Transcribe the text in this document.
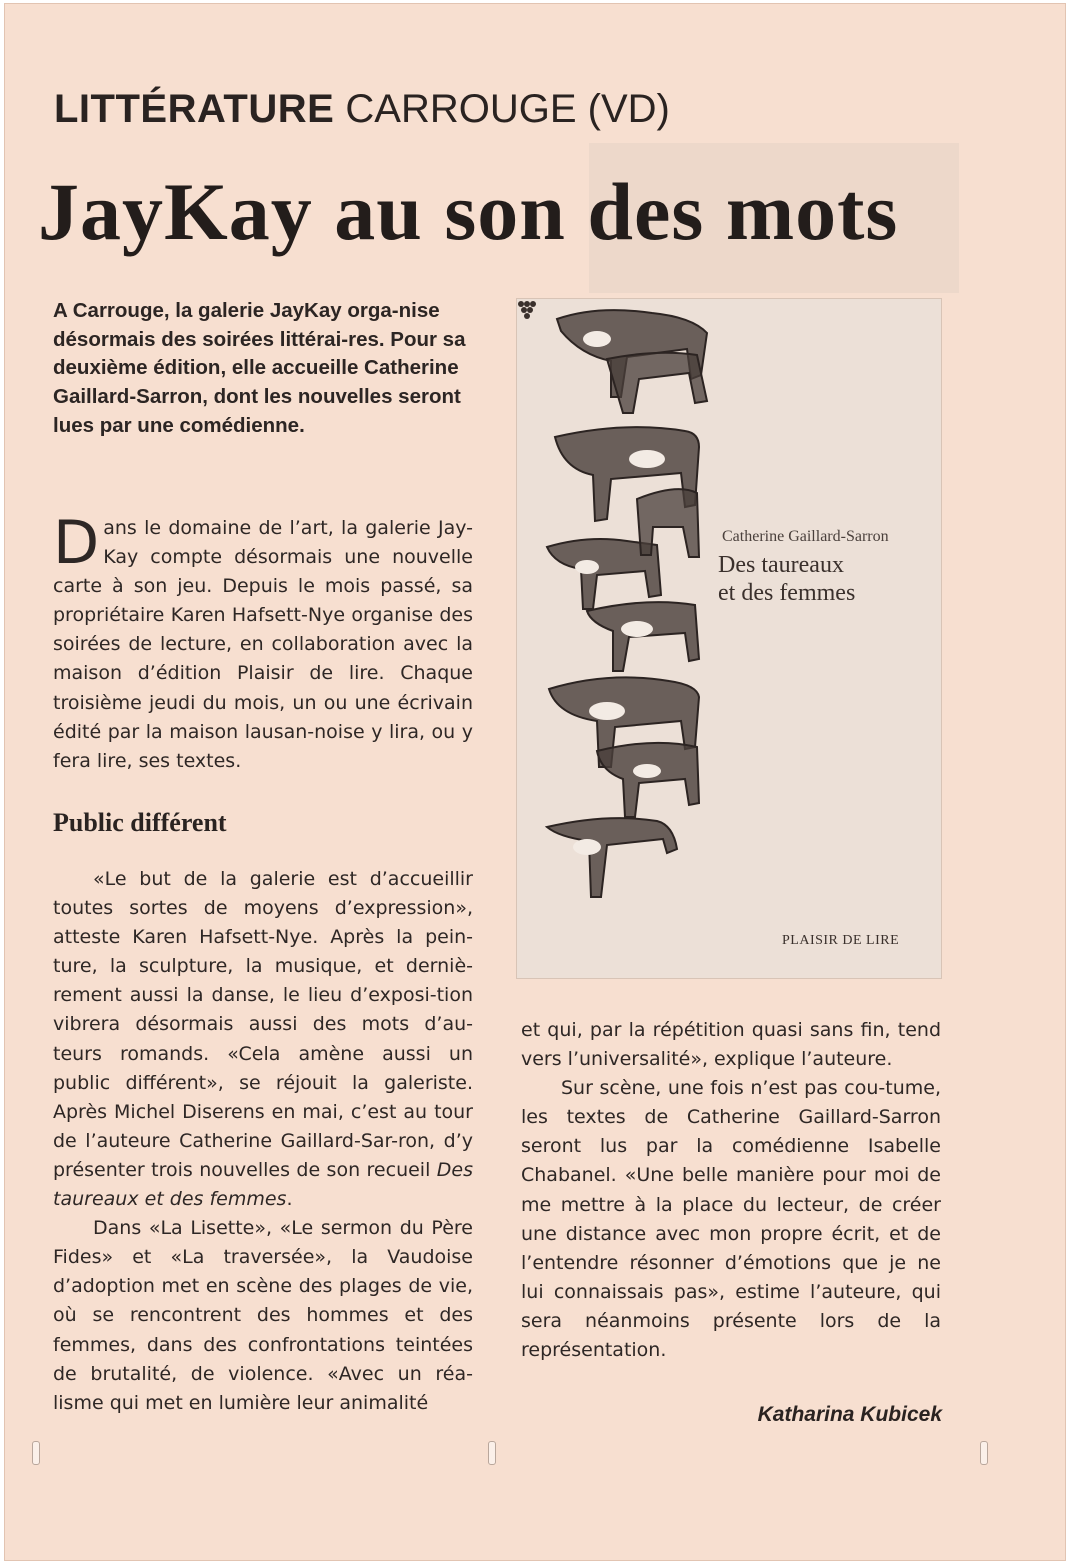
LITTÉRATURE CARROUGE (VD)
JayKay au son des mots

A Carrouge, la galerie JayKay orga-nise désormais des soirées littérai-res. Pour sa deuxième édition, elle accueille Catherine Gaillard-Sarron, dont les nouvelles seront lues par une comédienne.

Dans le domaine de l’art, la galerie Jay-Kay compte désormais une nouvelle carte à son jeu. Depuis le mois passé, sa propriétaire Karen Hafsett-Nye organise des soirées de lecture, en collaboration avec la maison d’édition Plaisir de lire. Chaque troisième jeudi du mois, un ou une écrivain édité par la maison lausan-noise y lira, ou y fera lire, ses textes.
Public différent

«Le but de la galerie est d’accueillir toutes sortes de moyens d’expression», atteste Karen Hafsett-Nye. Après la pein-ture, la sculpture, la musique, et derniè-rement aussi la danse, le lieu d’exposi-tion vibrera désormais aussi des mots d’au-teurs romands. «Cela amène aussi un public différent», se réjouit la galeriste. Après Michel Diserens en mai, c’est au tour de l’auteure Catherine Gaillard-Sar-ron, d’y présenter trois nouvelles de son recueil Des taureaux et des femmes.

Dans «La Lisette», «Le sermon du Père Fides» et «La traversée», la Vaudoise d’adoption met en scène des plages de vie, où se rencontrent des hommes et des femmes, dans des confrontations teintées de brutalité, de violence. «Avec un réa-lisme qui met en lumière leur animalité

et qui, par la répétition quasi sans fin, tend vers l’universalité», explique l’auteure.

Sur scène, une fois n’est pas cou-tume, les textes de Catherine Gaillard-Sarron seront lus par la comédienne Isabelle Chabanel. «Une belle manière pour moi de me mettre à la place du lecteur, de créer une distance avec mon propre écrit, et de l’entendre résonner d’émotions que je ne lui connaissais pas», estime l’auteure, qui sera néanmoins présente lors de la représentation.

Katharina Kubicek

Catherine Gaillard-Sarron

Des taureaux
et des femmes

PLAISIR DE LIRE
